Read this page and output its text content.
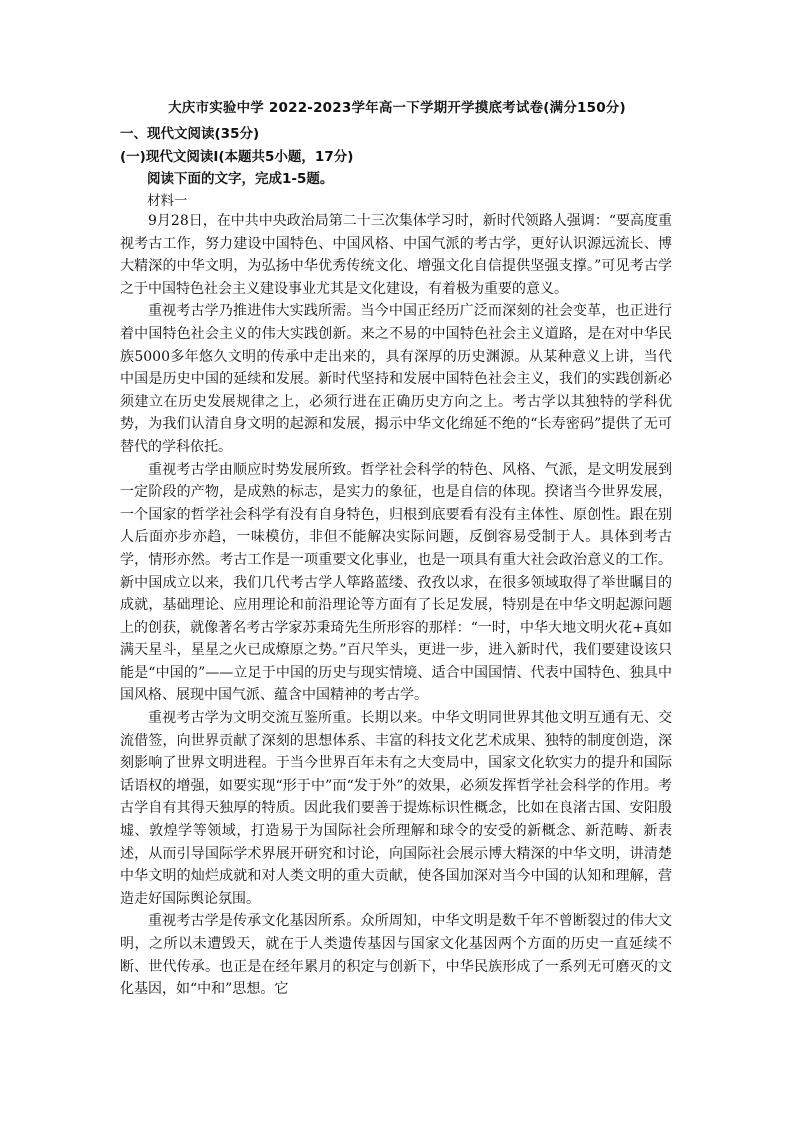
大庆市实验中学 2022-2023学年高一下学期开学摸底考试卷(满分150分)
一、现代文阅读(35分)
(一)现代文阅读Ⅰ(本题共5小题，17分)
阅读下面的文字，完成1-5题。
材料一

9月28日，在中共中央政治局第二十三次集体学习时，新时代领路人强调：“要高度重视考古工作，努力建设中国特色、中国风格、中国气派的考古学，更好认识源远流长、博大精深的中华文明，为弘扬中华优秀传统文化、增强文化自信提供坚强支撑。”可见考古学之于中国特色社会主义建设事业尤其是文化建设，有着极为重要的意义。

重视考古学乃推进伟大实践所需。当今中国正经历广泛而深刻的社会变革，也正进行着中国特色社会主义的伟大实践创新。来之不易的中国特色社会主义道路，是在对中华民族5000多年悠久文明的传承中走出来的，具有深厚的历史渊源。从某种意义上讲，当代中国是历史中国的延续和发展。新时代坚持和发展中国特色社会主义，我们的实践创新必须建立在历史发展规律之上，必须行进在正确历史方向之上。考古学以其独特的学科优势，为我们认清自身文明的起源和发展，揭示中华文化绵延不绝的“长寿密码”提供了无可替代的学科依托。

重视考古学由顺应时势发展所致。哲学社会科学的特色、风格、气派，是文明发展到一定阶段的产物，是成熟的标志，是实力的象征，也是自信的体现。揆诸当今世界发展，一个国家的哲学社会科学有没有自身特色，归根到底要看有没有主体性、原创性。跟在别人后面亦步亦趋，一味模仿，非但不能解决实际问题，反倒容易受制于人。具体到考古学，情形亦然。考古工作是一项重要文化事业，也是一项具有重大社会政治意义的工作。新中国成立以来，我们几代考古学人筚路蓝缕、孜孜以求，在很多领域取得了举世瞩目的成就，基础理论、应用理论和前沿理论等方面有了长足发展，特别是在中华文明起源问题上的创获，就像著名考古学家苏秉琦先生所形容的那样：“一时，中华大地文明火花+真如满天星斗，星星之火已成燎原之势。”百尺竿头，更进一步，进入新时代，我们要建设该只能是“中国的”——立足于中国的历史与现实情境、适合中国国情、代表中国特色、独具中国风格、展现中国气派、蕴含中国精神的考古学。

重视考古学为文明交流互鉴所重。长期以来。中华文明同世界其他文明互通有无、交流借签，向世界贡献了深刻的思想体系、丰富的科技文化艺术成果、独特的制度创造，深刻影响了世界文明进程。于当今世界百年未有之大变局中，国家文化软实力的提升和国际话语权的增强，如要实现“形于中”而“发于外”的效果，必须发挥哲学社会科学的作用。考古学自有其得天独厚的特质。因此我们要善于提炼标识性概念，比如在良渚古国、安阳殷墟、敦煌学等领域，打造易于为国际社会所理解和球令的安受的新概念、新范畴、新表述，从而引导国际学术界展开研究和讨论，向国际社会展示博大精深的中华文明，讲清楚中华文明的灿烂成就和对人类文明的重大贡献，使各国加深对当今中国的认知和理解，营造走好国际舆论氛围。

重视考古学是传承文化基因所系。众所周知，中华文明是数千年不曾断裂过的伟大文明，之所以未遭毁天，就在于人类遗传基因与国家文化基因两个方面的历史一直延续不断、世代传承。也正是在经年累月的积定与创新下，中华民族形成了一系列无可磨灭的文化基因，如“中和”思想。它
